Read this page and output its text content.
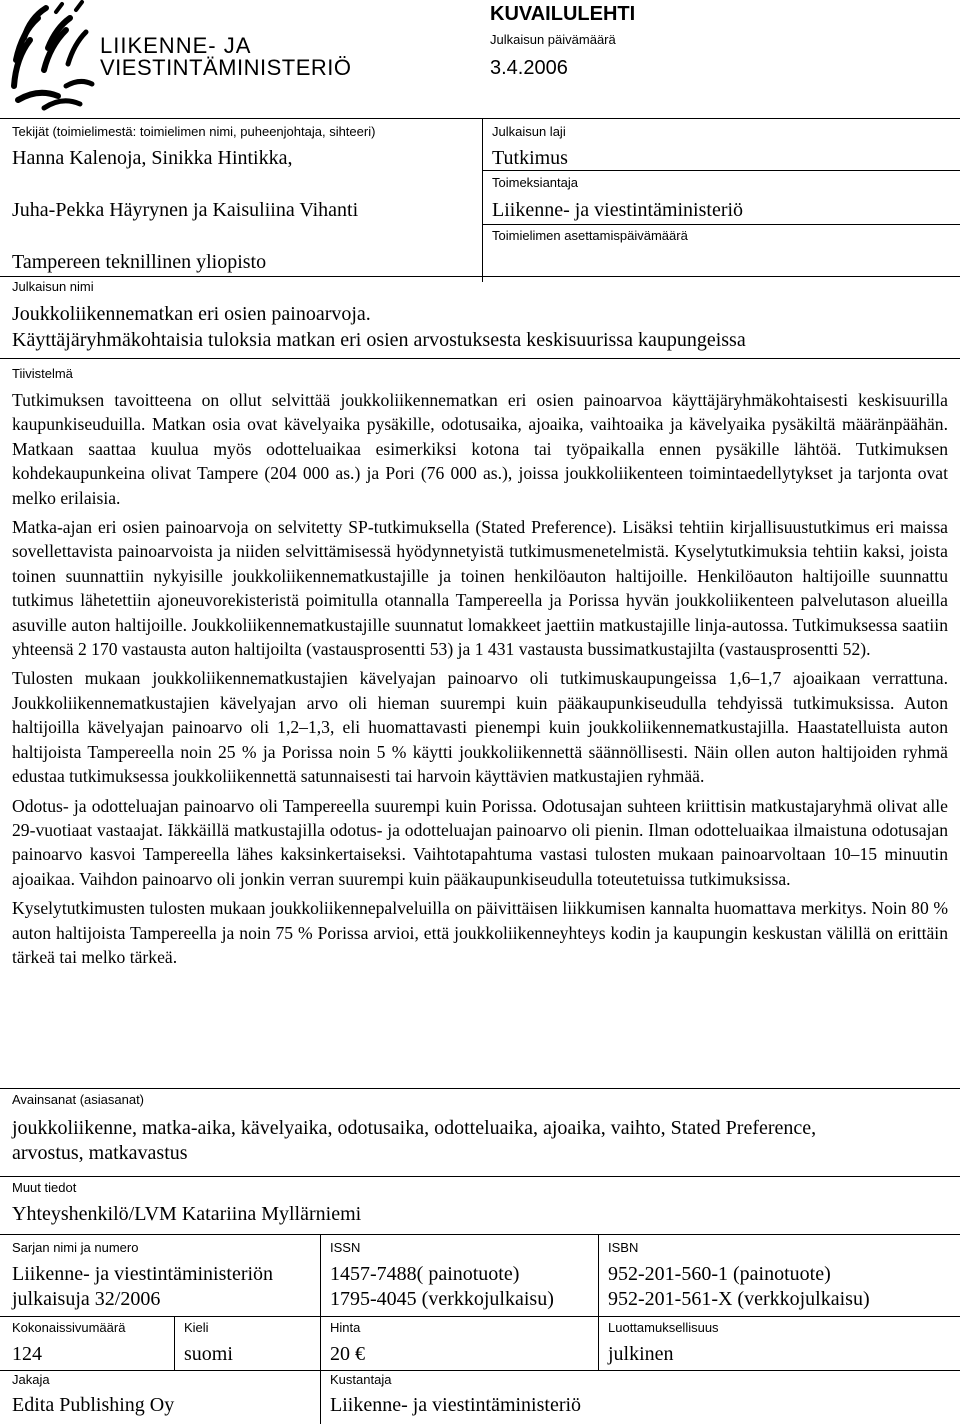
LIIKENNE- JA
VIESTINTÄMINISTERIÖ
KUVAILULEHTI
Julkaisun päivämäärä
3.4.2006
Tekijät (toimielimestä: toimielimen nimi, puheenjohtaja, sihteeri)
Hanna Kalenoja, Sinikka Hintikka,
Juha-Pekka Häyrynen ja Kaisuliina Vihanti
Tampereen teknillinen yliopisto
Julkaisun laji
Tutkimus
Toimeksiantaja
Liikenne- ja viestintäministeriö
Toimielimen asettamispäivämäärä
Julkaisun nimi
Joukkoliikennematkan eri osien painoarvoja.
Käyttäjäryhmäkohtaisia tuloksia matkan eri osien arvostuksesta keskisuurissa kaupungeissa
Tiivistelmä

Tutkimuksen tavoitteena on ollut selvittää joukkoliikennematkan eri osien painoarvoa käyttäjäryhmäkohtaisesti keskisuurilla kaupunkiseuduilla. Matkan osia ovat kävelyaika pysäkille, odotusaika, ajoaika, vaihtoaika ja kävelyaika pysäkiltä määränpäähän. Matkaan saattaa kuulua myös odotteluaikaa esimerkiksi kotona tai työpaikalla ennen pysäkille lähtöä. Tutkimuksen kohdekaupunkeina olivat Tampere (204 000 as.) ja Pori (76 000 as.), joissa joukkoliikenteen toimintaedellytykset ja tarjonta ovat melko erilaisia.

Matka-ajan eri osien painoarvoja on selvitetty SP-tutkimuksella (Stated Preference). Lisäksi tehtiin kirjallisuustutkimus eri maissa sovellettavista painoarvoista ja niiden selvittämisessä hyödynnetyistä tutkimusmenetelmistä. Kyselytutkimuksia tehtiin kaksi, joista toinen suunnattiin nykyisille joukkoliikennematkustajille ja toinen henkilöauton haltijoille. Henkilöauton haltijoille suunnattu tutkimus lähetettiin ajoneuvorekisteristä poimitulla otannalla Tampereella ja Porissa hyvän joukkoliikenteen palvelutason alueilla asuville auton haltijoille. Joukkoliikennematkustajille suunnatut lomakkeet jaettiin matkustajille linja-autossa. Tutkimuksessa saatiin yhteensä 2 170 vastausta auton haltijoilta (vastausprosentti 53) ja 1 431 vastausta bussimatkustajilta (vastausprosentti 52).

Tulosten mukaan joukkoliikennematkustajien kävelyajan painoarvo oli tutkimuskaupungeissa 1,6–1,7 ajoaikaan verrattuna. Joukkoliikennematkustajien kävelyajan arvo oli hieman suurempi kuin pääkaupunkiseudulla tehdyissä tutkimuksissa. Auton haltijoilla kävelyajan painoarvo oli 1,2–1,3, eli huomattavasti pienempi kuin joukkoliikennematkustajilla. Haastatelluista auton haltijoista Tampereella noin 25 % ja Porissa noin 5 % käytti joukkoliikennettä säännöllisesti. Näin ollen auton haltijoiden ryhmä edustaa tutkimuksessa joukkoliikennettä satunnaisesti tai harvoin käyttävien matkustajien ryhmää.

Odotus- ja odotteluajan painoarvo oli Tampereella suurempi kuin Porissa. Odotusajan suhteen kriittisin matkustajaryhmä olivat alle 29-vuotiaat vastaajat. Iäkkäillä matkustajilla odotus- ja odotteluajan painoarvo oli pienin. Ilman odotteluaikaa ilmaistuna odotusajan painoarvo kasvoi Tampereella lähes kaksinkertaiseksi. Vaihtotapahtuma vastasi tulosten mukaan painoarvoltaan 10–15 minuutin ajoaikaa. Vaihdon painoarvo oli jonkin verran suurempi kuin pääkaupunkiseudulla toteutetuissa tutkimuksissa.

Kyselytutkimusten tulosten mukaan joukkoliikennepalveluilla on päivittäisen liikkumisen kannalta huomattava merkitys. Noin 80 % auton haltijoista Tampereella ja noin 75 % Porissa arvioi, että joukkoliikenneyhteys kodin ja kaupungin keskustan välillä on erittäin tärkeä tai melko tärkeä.

Avainsanat (asiasanat)
joukkoliikenne, matka-aika, kävelyaika, odotusaika, odotteluaika, ajoaika, vaihto, Stated Preference,
arvostus, matkavastus
Muut tiedot
Yhteyshenkilö/LVM Katariina Myllärniemi
Sarjan nimi ja numero
Liikenne- ja viestintäministeriön
julkaisuja 32/2006
ISSN
1457-7488( painotuote)
1795-4045 (verkkojulkaisu)
ISBN
952-201-560-1 (painotuote)
952-201-561-X (verkkojulkaisu)
Kokonaissivumäärä
124
Kieli
suomi
Hinta
20 €
Luottamuksellisuus
julkinen
Jakaja
Edita Publishing Oy
Kustantaja
Liikenne- ja viestintäministeriö
